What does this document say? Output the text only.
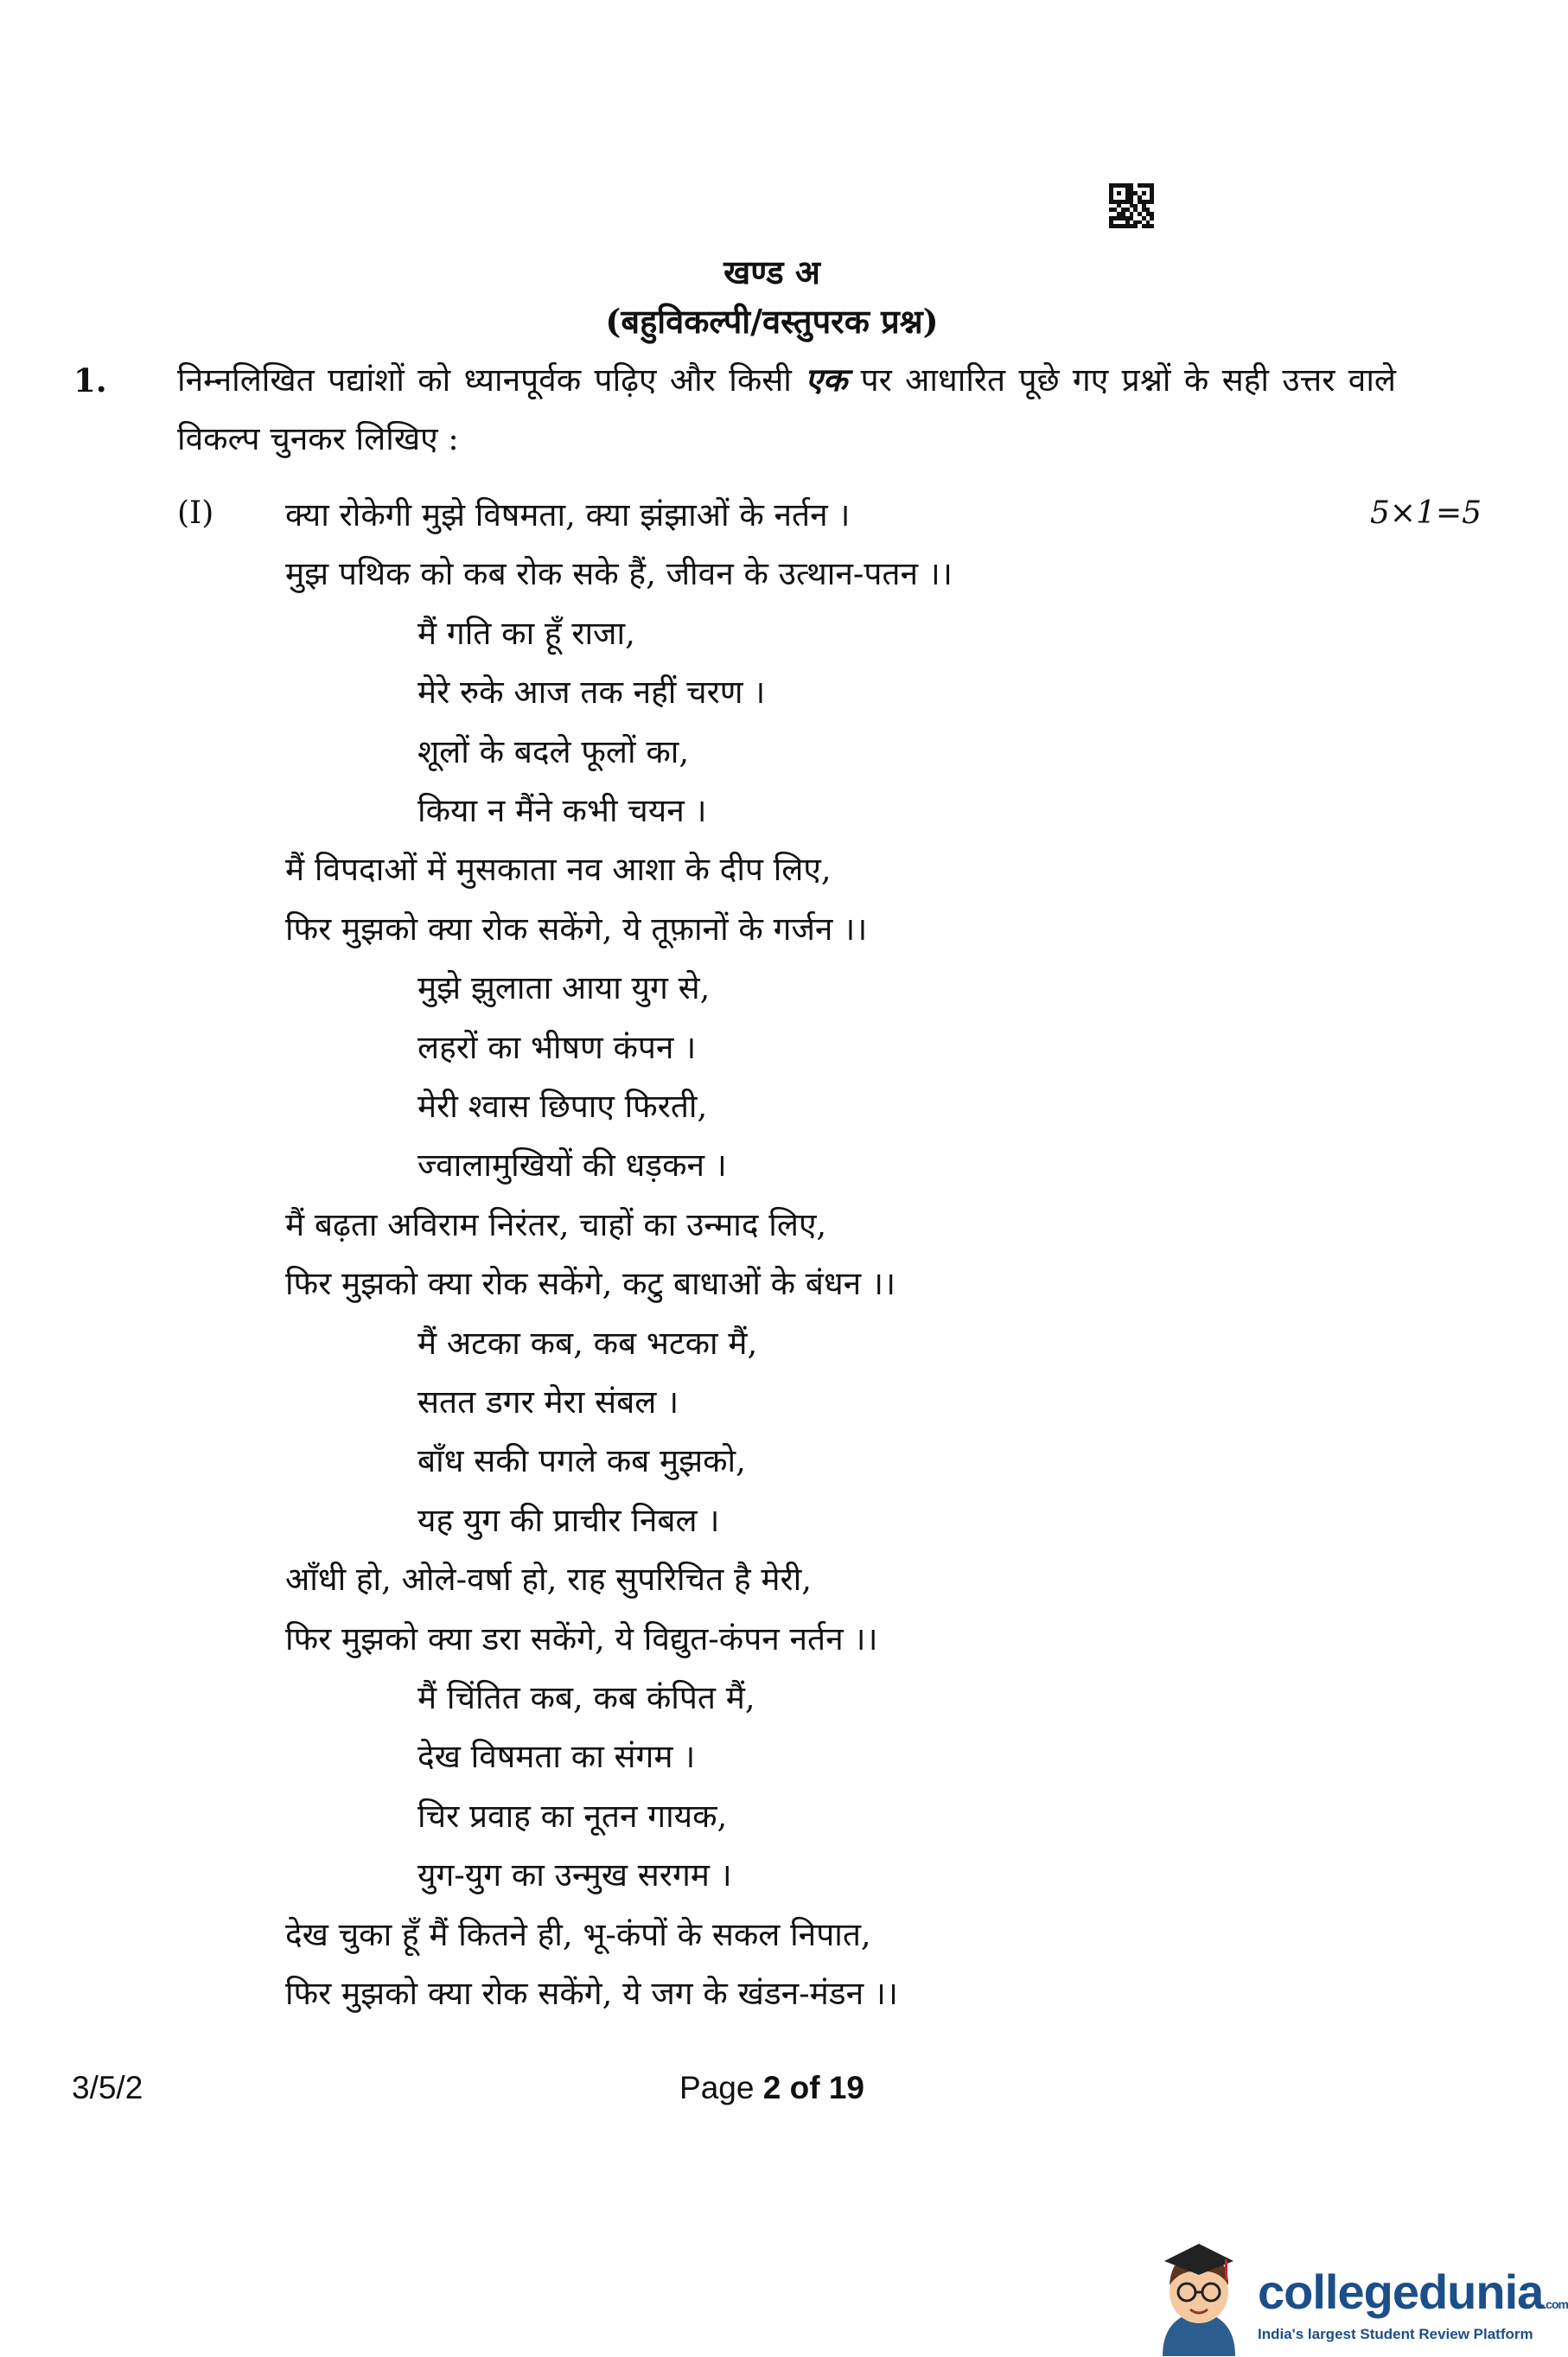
खण्ड अ
(बहुविकल्पी/वस्तुपरक प्रश्न)
1. निम्नलिखित पद्यांशों को ध्यानपूर्वक पढ़िए और किसी एक पर आधारित पूछे गए प्रश्नों के सही उत्तर वाले विकल्प चुनकर लिखिए :
(I)	5×1=5
क्या रोकेगी मुझे विषमता, क्या झंझाओं के नर्तन ।
मुझ पथिक को कब रोक सके हैं, जीवन के उत्थान-पतन ।।
मैं गति का हूँ राजा,
मेरे रुके आज तक नहीं चरण ।
शूलों के बदले फूलों का,
किया न मैंने कभी चयन ।
मैं विपदाओं में मुसकाता नव आशा के दीप लिए,
फिर मुझको क्या रोक सकेंगे, ये तूफ़ानों के गर्जन ।।
मुझे झुलाता आया युग से,
लहरों का भीषण कंपन ।
मेरी श्वास छिपाए फिरती,
ज्वालामुखियों की धड़कन ।
मैं बढ़ता अविराम निरंतर, चाहों का उन्माद लिए,
फिर मुझको क्या रोक सकेंगे, कटु बाधाओं के बंधन ।।
मैं अटका कब, कब भटका मैं,
सतत डगर मेरा संबल ।
बाँध सकी पगले कब मुझको,
यह युग की प्राचीर निबल ।
आँधी हो, ओले-वर्षा हो, राह सुपरिचित है मेरी,
फिर मुझको क्या डरा सकेंगे, ये विद्युत-कंपन नर्तन ।।
मैं चिंतित कब, कब कंपित मैं,
देख विषमता का संगम ।
चिर प्रवाह का नूतन गायक,
युग-युग का उन्मुख सरगम ।
देख चुका हूँ मैं कितने ही, भू-कंपों के सकल निपात,
फिर मुझको क्या रोक सकेंगे, ये जग के खंडन-मंडन ।।
3/5/2	Page 2 of 19
collegedunia.com
India's largest Student Review Platform
